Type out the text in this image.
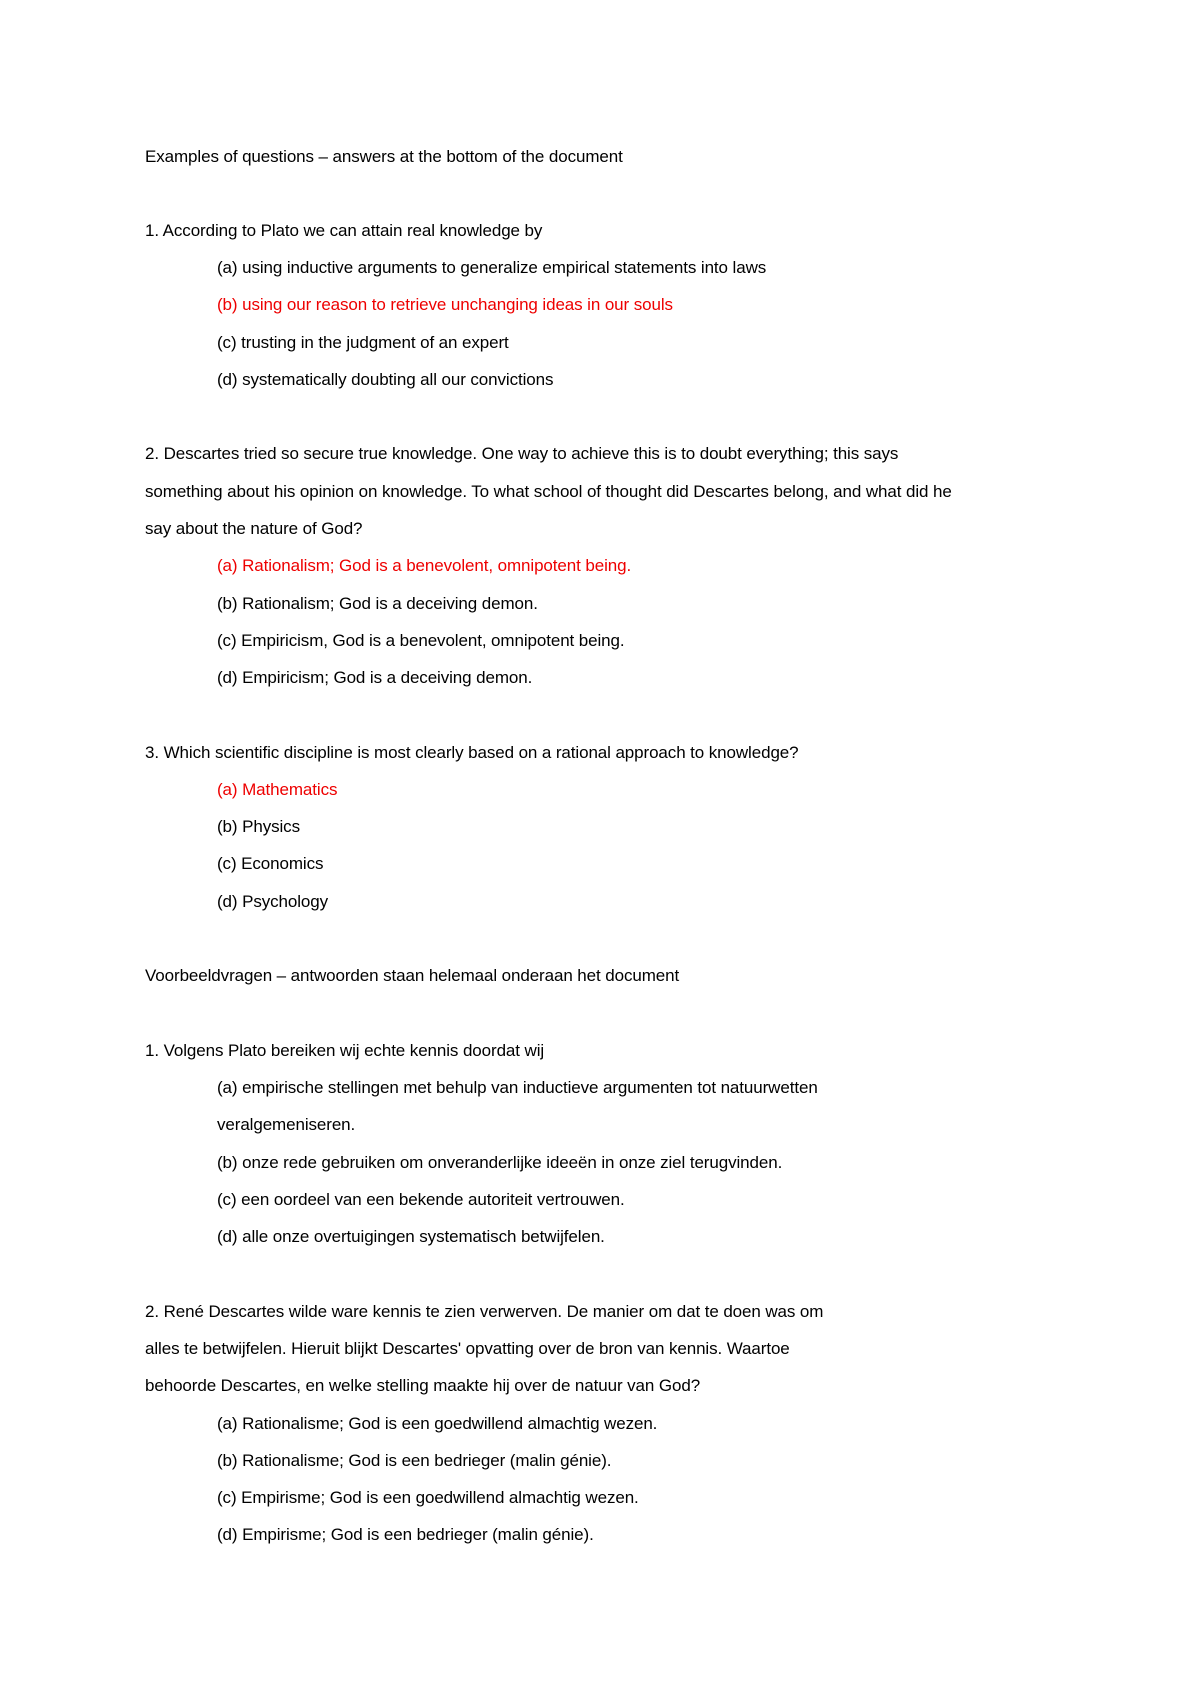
Examples of questions – answers at the bottom of the document
1. According to Plato we can attain real knowledge by
(a) using inductive arguments to generalize empirical statements into laws
(b) using our reason to retrieve unchanging ideas in our souls
(c) trusting in the judgment of an expert
(d) systematically doubting all our convictions
2. Descartes tried so secure true knowledge. One way to achieve this is to doubt everything; this says
something about his opinion on knowledge. To what school of thought did Descartes belong, and what did he
say about the nature of God?
(a) Rationalism; God is a benevolent, omnipotent being.
(b) Rationalism; God is a deceiving demon.
(c) Empiricism, God is a benevolent, omnipotent being.
(d) Empiricism; God is a deceiving demon.
3. Which scientific discipline is most clearly based on a rational approach to knowledge?
(a) Mathematics
(b) Physics
(c) Economics
(d) Psychology
Voorbeeldvragen – antwoorden staan helemaal onderaan het document
1. Volgens Plato bereiken wij echte kennis doordat wij
(a) empirische stellingen met behulp van inductieve argumenten tot natuurwetten
veralgemeniseren.
(b) onze rede gebruiken om onveranderlijke ideeën in onze ziel terugvinden.
(c) een oordeel van een bekende autoriteit vertrouwen.
(d) alle onze overtuigingen systematisch betwijfelen.
2. René Descartes wilde ware kennis te zien verwerven. De manier om dat te doen was om
alles te betwijfelen. Hieruit blijkt Descartes' opvatting over de bron van kennis. Waartoe
behoorde Descartes, en welke stelling maakte hij over de natuur van God?
(a) Rationalisme; God is een goedwillend almachtig wezen.
(b) Rationalisme; God is een bedrieger (malin génie).
(c) Empirisme; God is een goedwillend almachtig wezen.
(d) Empirisme; God is een bedrieger (malin génie).
